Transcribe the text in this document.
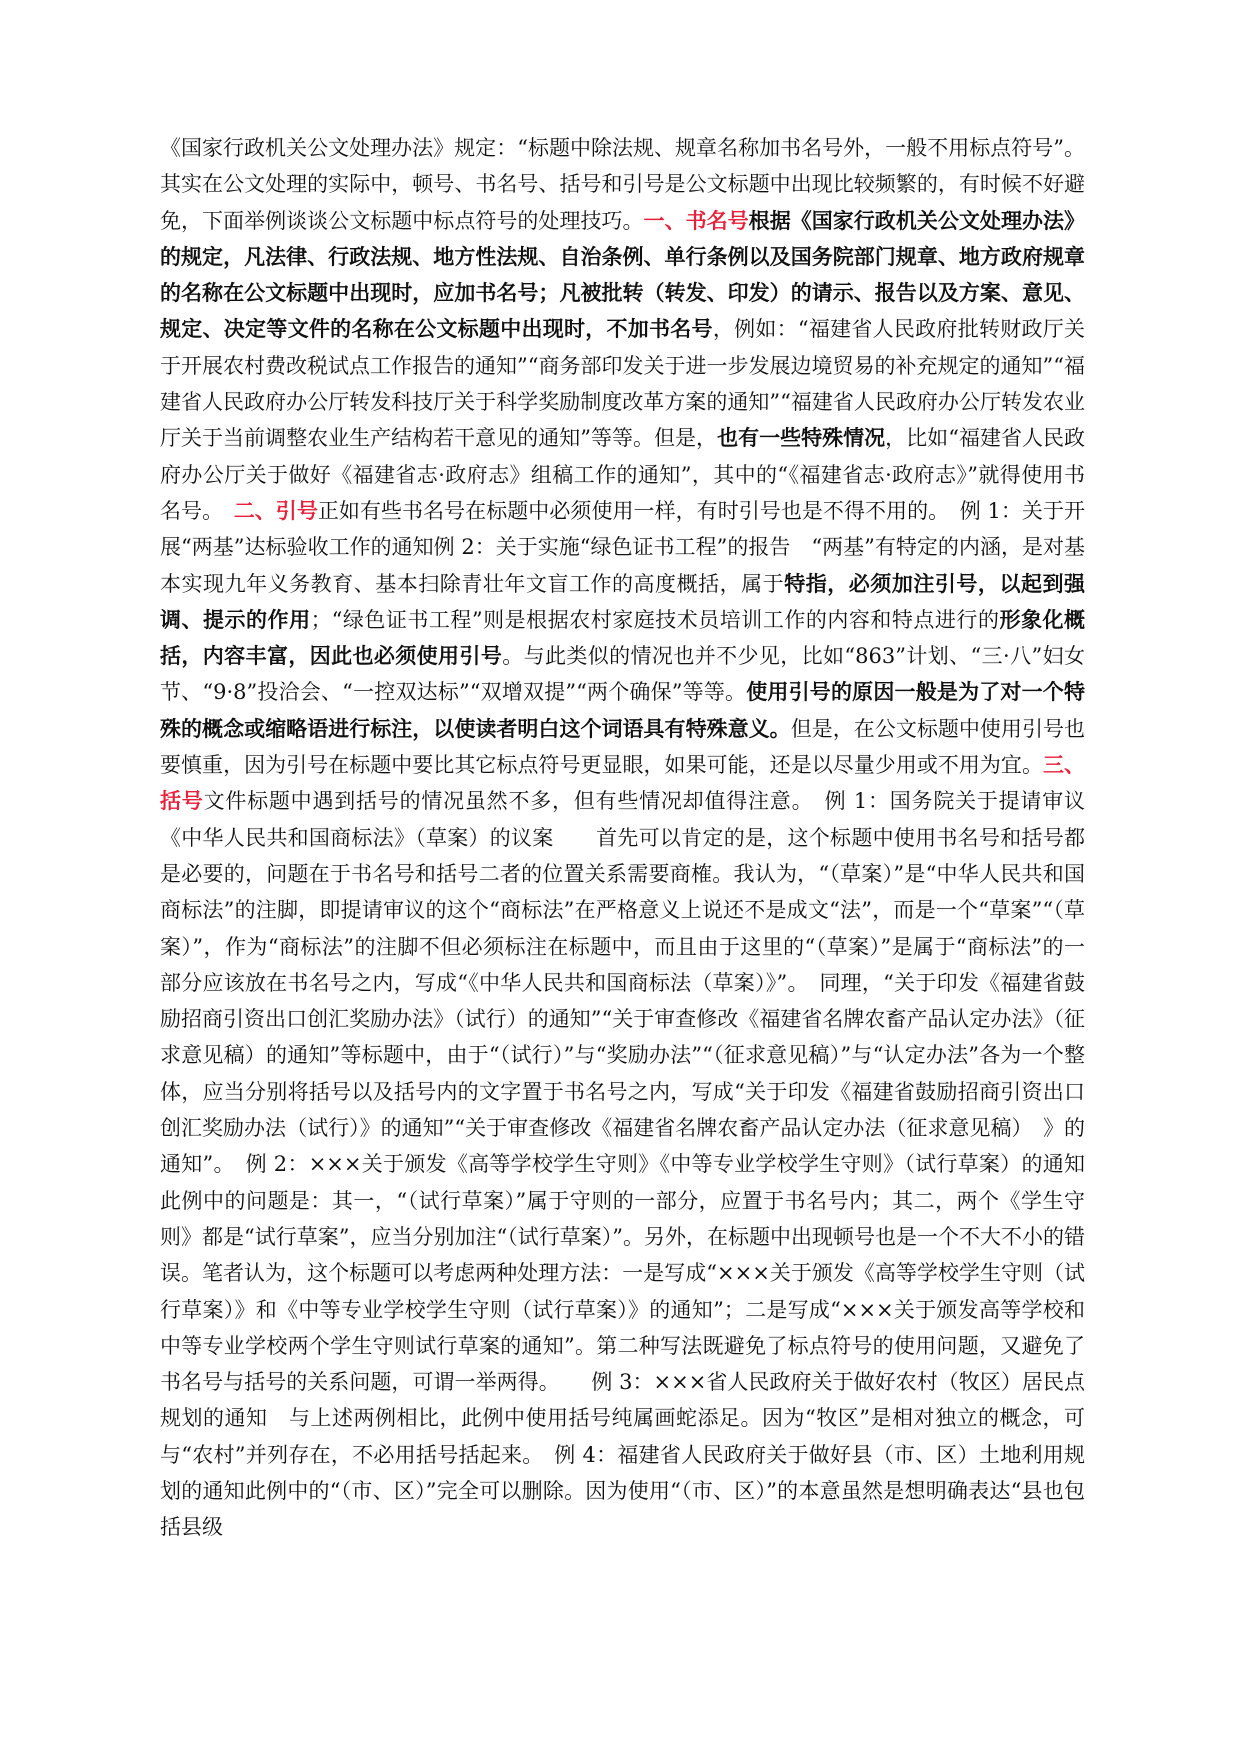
《国家行政机关公文处理办法》规定：“标题中除法规、规章名称加书名号外，一般不用标点符号”。其实在公文处理的实际中，顿号、书名号、括号和引号是公文标题中出现比较频繁的，有时候不好避免，下面举例谈谈公文标题中标点符号的处理技巧。一、书名号根据《国家行政机关公文处理办法》的规定，凡法律、行政法规、地方性法规、自治条例、单行条例以及国务院部门规章、地方政府规章的名称在公文标题中出现时，应加书名号；凡被批转（转发、印发）的请示、报告以及方案、意见、规定、决定等文件的名称在公文标题中出现时，不加书名号，例如：“福建省人民政府批转财政厅关于开展农村费改税试点工作报告的通知”“商务部印发关于进一步发展边境贸易的补充规定的通知”“福建省人民政府办公厅转发科技厅关于科学奖励制度改革方案的通知”“福建省人民政府办公厅转发农业厅关于当前调整农业生产结构若干意见的通知”等等。但是，也有一些特殊情况，比如“福建省人民政府办公厅关于做好《福建省志·政府志》组稿工作的通知”，其中的“《福建省志·政府志》”就得使用书名号。　二、引号正如有些书名号在标题中必须使用一样，有时引号也是不得不用的。　例 1：关于开展“两基”达标验收工作的通知例 2：关于实施“绿色证书工程”的报告　“两基”有特定的内涵，是对基本实现九年义务教育、基本扫除青壮年文盲工作的高度概括，属于特指，必须加注引号，以起到强调、提示的作用；“绿色证书工程”则是根据农村家庭技术员培训工作的内容和特点进行的形象化概括，内容丰富，因此也必须使用引号。与此类似的情况也并不少见，比如“863”计划、“三·八”妇女节、“9·8”投洽会、“一控双达标”“双增双提”“两个确保”等等。使用引号的原因一般是为了对一个特殊的概念或缩略语进行标注，以使读者明白这个词语具有特殊意义。但是，在公文标题中使用引号也要慎重，因为引号在标题中要比其它标点符号更显眼，如果可能，还是以尽量少用或不用为宜。三、括号文件标题中遇到括号的情况虽然不多，但有些情况却值得注意。　例 1：国务院关于提请审议《中华人民共和国商标法》（草案）的议案　　首先可以肯定的是，这个标题中使用书名号和括号都是必要的，问题在于书名号和括号二者的位置关系需要商榷。我认为，“（草案）”是“中华人民共和国商标法”的注脚，即提请审议的这个“商标法”在严格意义上说还不是成文“法”，而是一个“草案”“（草案）”，作为“商标法”的注脚不但必须标注在标题中，而且由于这里的“（草案）”是属于“商标法”的一部分应该放在书名号之内，写成“《中华人民共和国商标法（草案）》”。　同理，“关于印发《福建省鼓励招商引资出口创汇奖励办法》（试行）的通知”“关于审查修改《福建省名牌农畜产品认定办法》（征求意见稿）的通知”等标题中，由于“（试行）”与“奖励办法”“（征求意见稿）”与“认定办法”各为一个整体，应当分别将括号以及括号内的文字置于书名号之内，写成“关于印发《福建省鼓励招商引资出口创汇奖励办法（试行）》的通知”“关于审查修改《福建省名牌农畜产品认定办法（征求意见稿）　》的通知”。　例 2：×××关于颁发《高等学校学生守则》《中等专业学校学生守则》（试行草案）的通知　此例中的问题是：其一，“（试行草案）”属于守则的一部分，应置于书名号内；其二，两个《学生守则》都是“试行草案”，应当分别加注“（试行草案）”。另外，在标题中出现顿号也是一个不大不小的错误。笔者认为，这个标题可以考虑两种处理方法：一是写成“×××关于颁发《高等学校学生守则（试行草案）》和《中等专业学校学生守则（试行草案）》的通知”；二是写成“×××关于颁发高等学校和中等专业学校两个学生守则试行草案的通知”。第二种写法既避免了标点符号的使用问题，又避免了书名号与括号的关系问题，可谓一举两得。　　例 3：×××省人民政府关于做好农村（牧区）居民点规划的通知　与上述两例相比，此例中使用括号纯属画蛇添足。因为“牧区”是相对独立的概念，可与“农村”并列存在，不必用括号括起来。　例 4：福建省人民政府关于做好县（市、区）土地利用规划的通知此例中的“（市、区）”完全可以删除。因为使用“（市、区）”的本意虽然是想明确表达“县也包括县级
